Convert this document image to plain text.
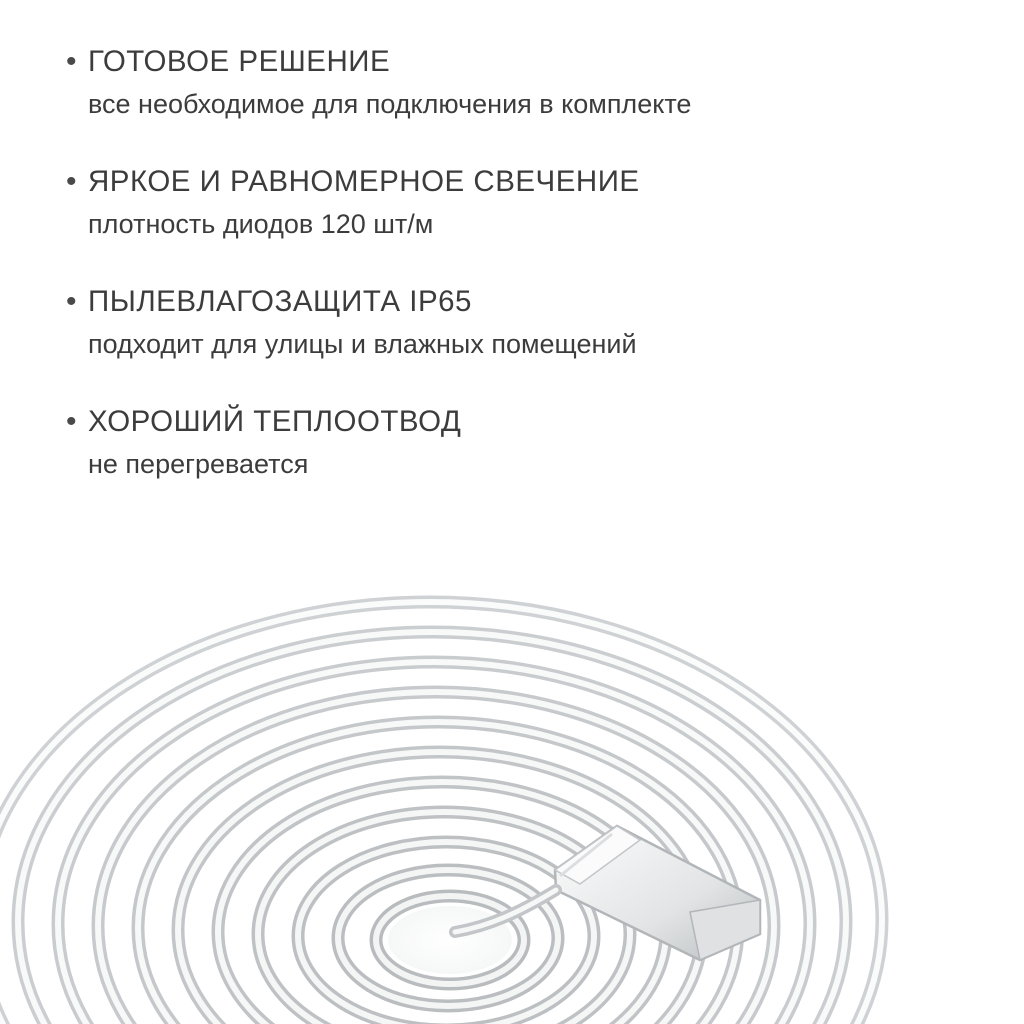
• ГОТОВОЕ РЕШЕНИЕ
все необходимое для подключения в комплекте
• ЯРКОЕ И РАВНОМЕРНОЕ СВЕЧЕНИЕ
плотность диодов 120 шт/м
• ПЫЛЕВЛАГОЗАЩИТА IP65
подходит для улицы и влажных помещений
• ХОРОШИЙ ТЕПЛООТВОД
не перегревается
